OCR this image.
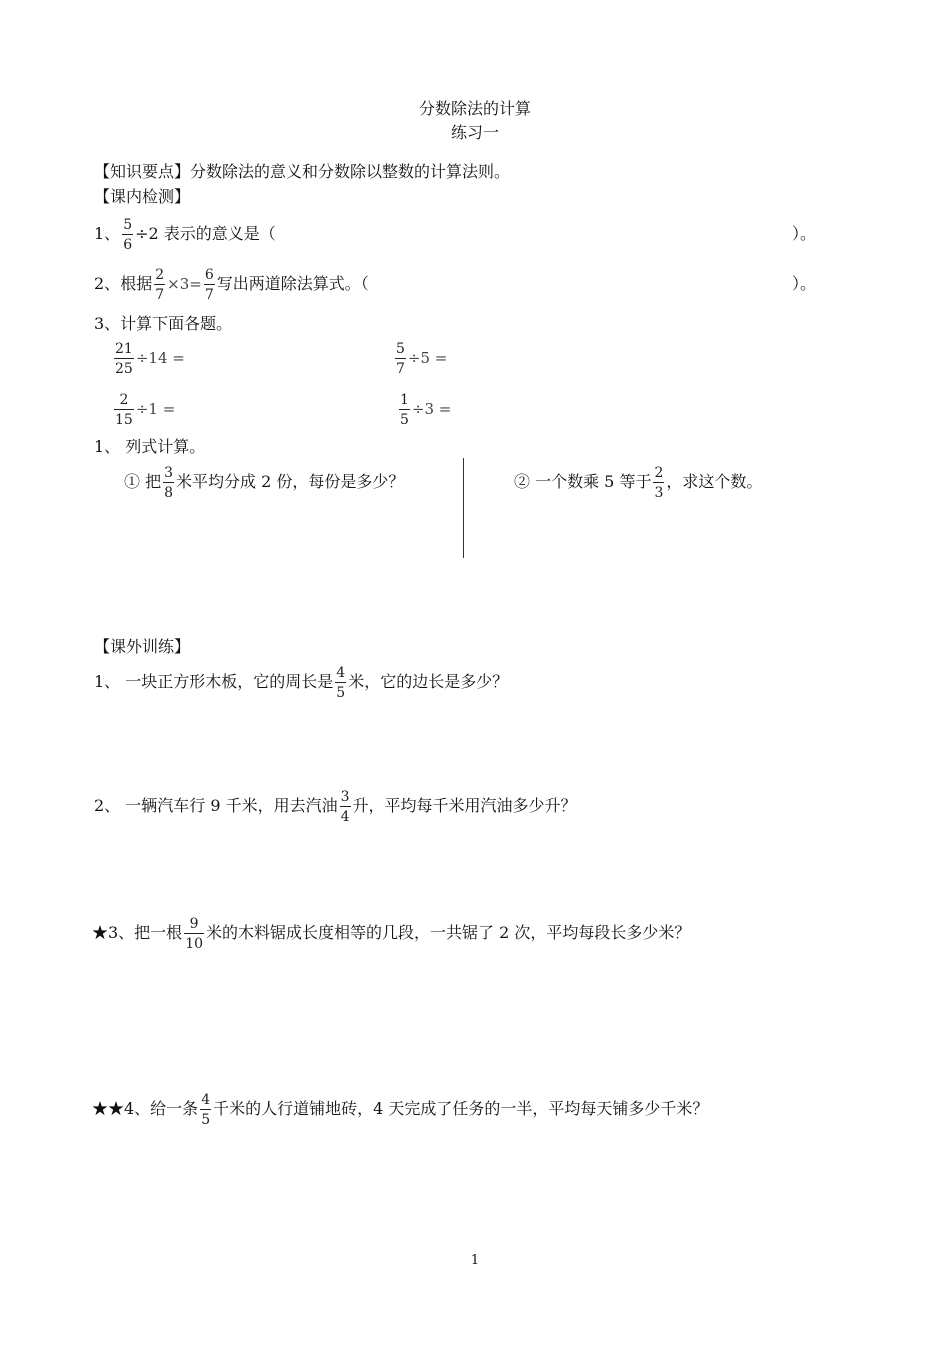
分数除法的计算
练习一
【知识要点】分数除法的意义和分数除以整数的计算法则。
【课内检测】
1、 $\frac{5}{6} \div 2$ 表示的意义是（	）。
2、根据 $\frac{2}{7} \times 3= \frac{6}{7}$ 写出两道除法算式。（	）。
3、计算下面各题。
$\frac{21}{25} \div 14$ =	$\frac{5}{7} \div 5$ =
$\frac{2}{15} \div 1$ =	$\frac{1}{5} \div 3$ =
1、 列式计算。
① 把 $\frac{3}{8}$ 米平均分成 2 份，每份是多少？	② 一个数乘 5 等于 $\frac{2}{3}$ ，求这个数。
【课外训练】
1、 一块正方形木板，它的周长是 $\frac{4}{5}$ 米，它的边长是多少？
2、 一辆汽车行 9 千米，用去汽油 $\frac{3}{4}$ 升，平均每千米用汽油多少升？
★3、把一根 $\frac{9}{10}$ 米的木料锯成长度相等的几段，一共锯了 2 次，平均每段长多少米？
★★4、给一条 $\frac{4}{5}$ 千米的人行道铺地砖，4 天完成了任务的一半，平均每天铺多少千米？
1
